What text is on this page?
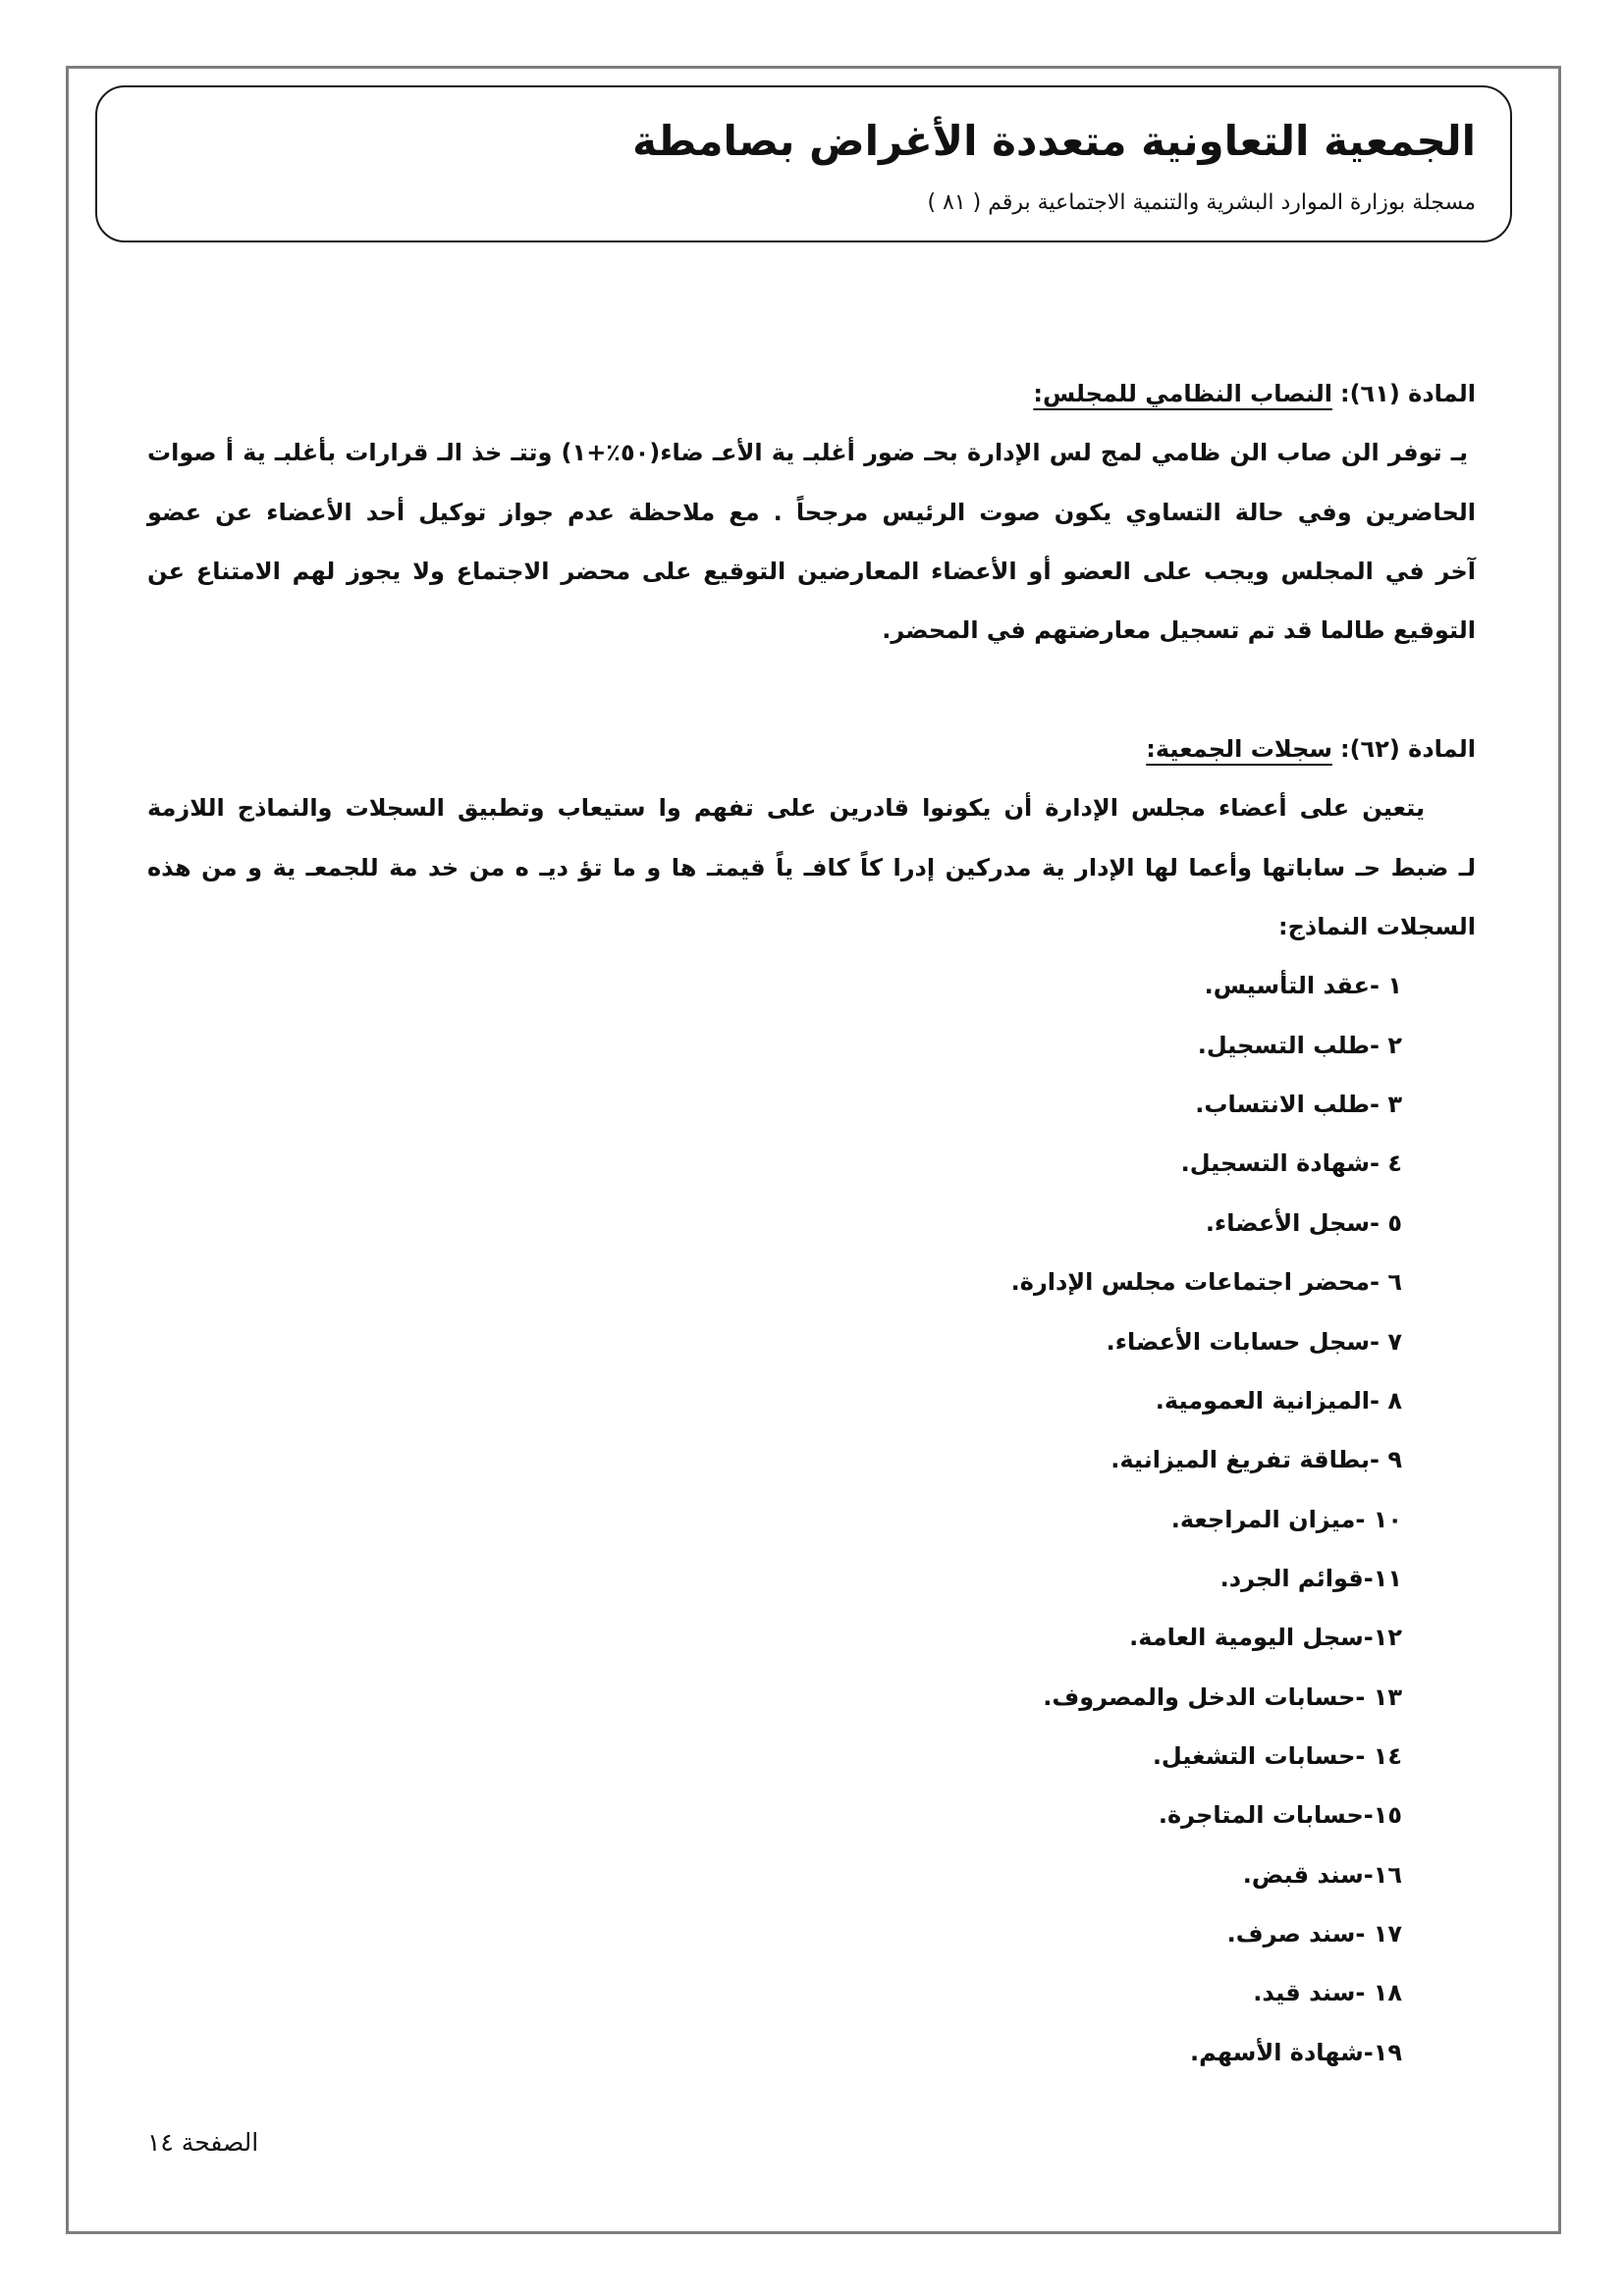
الجمعية التعاونية متعددة الأغراض بصامطة
مسجلة بوزارة الموارد البشرية والتنمية الاجتماعية برقم ( ٨١ )
المادة (٦١):النصاب النظامي للمجلس:
يـ توفر الن صاب الن ظامي لمج لس الإدارة بحـ ضور أغلبـ ية الأعـ ضاء(٥٠٪+١) وتتـ خذ الـ قرارات بأغلبـ ية أ صوات
الحاضرين وفي حالة التساوي يكون صوت الرئيس مرجحاً . مع ملاحظة عدم جواز توكيل أحد الأعضاء عن عضو
آخر في المجلس ويجب على العضو أو الأعضاء المعارضين التوقيع على محضر الاجتماع ولا يجوز لهم الامتناع عن
التوقيع طالما قد تم تسجيل معارضتهم في المحضر.
المادة (٦٢):سجلات الجمعية:
يتعين على أعضاء مجلس الإدارة أن يكونوا قادرين على تفهم وا ستيعاب وتطبيق السجلات والنماذج اللازمة
لـ ضبط حـ ساباتها وأعما لها الإدار ية مدركين إدرا كاً كافـ ياً قيمتـ ها و ما تؤ ديـ ه من خد مة للجمعـ ية و من هذه
السجلات النماذج:
١ -عقد التأسيس.
٢ -طلب التسجيل.
٣ -طلب الانتساب.
٤ -شهادة التسجيل.
٥ -سجل الأعضاء.
٦ -محضر اجتماعات مجلس الإدارة.
٧ -سجل حسابات الأعضاء.
٨ -الميزانية العمومية.
٩ -بطاقة تفريغ الميزانية.
١٠ -ميزان المراجعة.
١١-قوائم الجرد.
١٢-سجل اليومية العامة.
١٣ -حسابات الدخل والمصروف.
١٤ -حسابات التشغيل.
١٥-حسابات المتاجرة.
١٦-سند قبض.
١٧ -سند صرف.
١٨ -سند قيد.
١٩-شهادة الأسهم.
الصفحة ١٤
